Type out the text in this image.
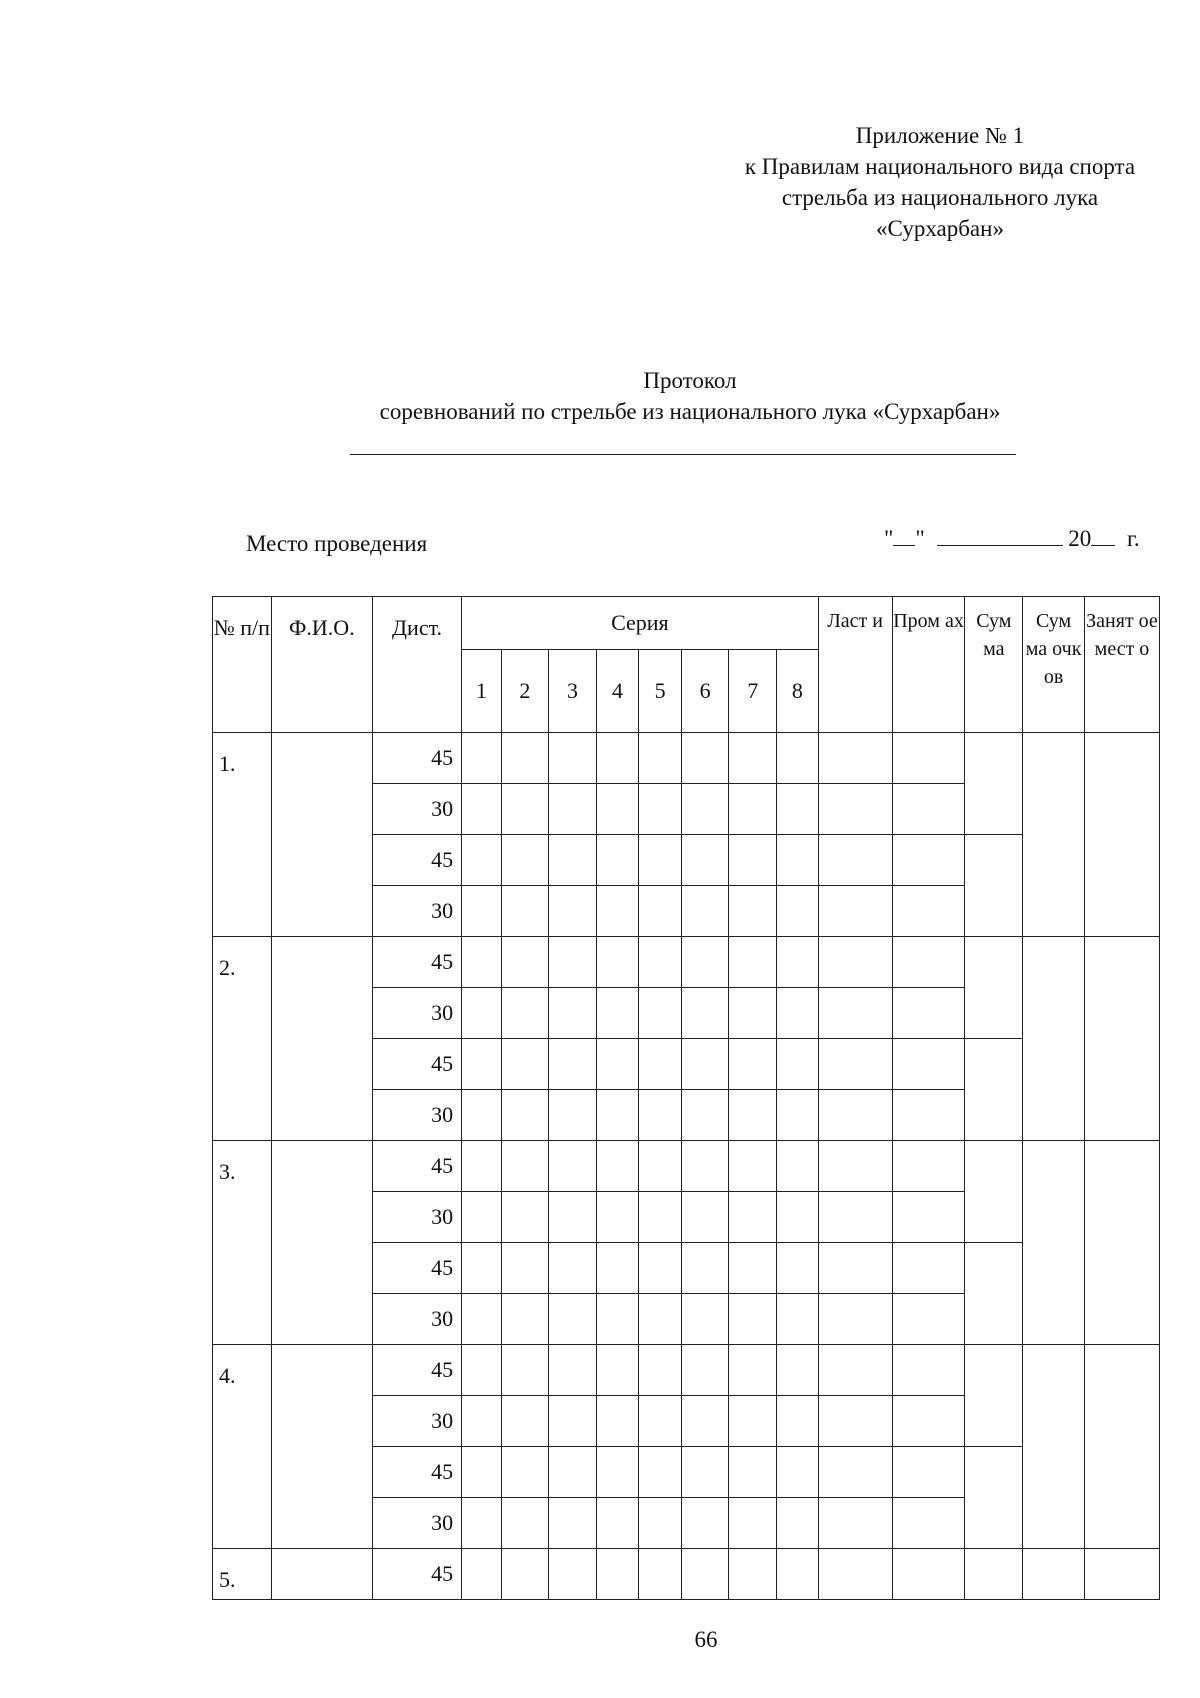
Приложение № 1
к Правилам национального вида спорта
стрельба из национального лука
«Сурхарбан»
Протокол
соревнований по стрельбе из национального лука «Сурхарбан»
Место проведения	" "	20 г.
№ п/п	Ф.И.О.	Дист.	Серия								Ласт и	Пром ах	Сум ма	Сум ма очк ов	Занят ое мест о
			1	2	3	4	5	6	7	8					
1.		45													
		30													
		45													
		30													
2.		45													
		30													
		45													
		30													
3.		45													
		30													
		45													
		30													
4.		45													
		30													
		45													
		30													
5.		45													
66
